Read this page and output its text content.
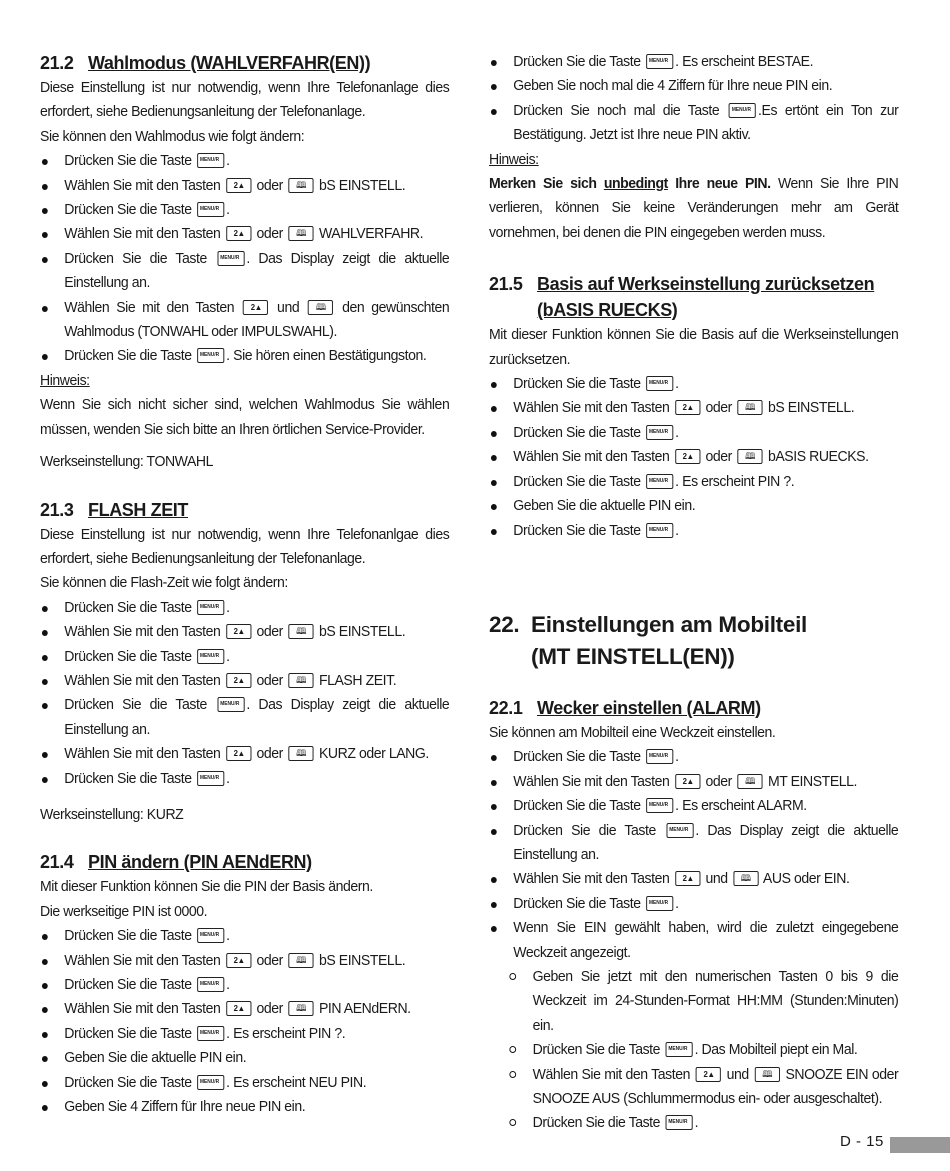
21.2 Wahlmodus (WAHLVERFAHR(EN))
Diese Einstellung ist nur notwendig, wenn Ihre Telefonanlage dies erfordert, siehe Bedienungsanleitung der Telefonanlage.
Sie können den Wahlmodus wie folgt ändern:
Drücken Sie die Taste MENU/R .
Wählen Sie mit den Tasten 2▲ oder 🕮 bS EINSTELL.
Drücken Sie die Taste MENU/R .
Wählen Sie mit den Tasten 2▲ oder 🕮 WAHLVERFAHR.
Drücken Sie die Taste MENU/R	. Das Display zeigt die aktuelle Einstellung an.
Wählen Sie mit den Tasten 2▲	und 🕮	den gewünschten Wahlmodus (TONWAHL oder IMPULSWAHL).
Drücken Sie die Taste MENU/R . Sie hören einen Bestätigungston.
Hinweis:
Wenn Sie sich nicht sicher sind, welchen Wahlmodus Sie wählen müssen, wenden Sie sich bitte an Ihren örtlichen Service-Provider.
Werkseinstellung: TONWAHL
21.3 FLASH ZEIT
Diese Einstellung ist nur notwendig, wenn Ihre Telefonanlgae dies erfordert, siehe Bedienungsanleitung der Telefonanlage.
Sie können die Flash-Zeit wie folgt ändern:
Drücken Sie die Taste MENU/R .
Wählen Sie mit den Tasten 2▲ oder 🕮 bS EINSTELL.
Drücken Sie die Taste MENU/R .
Wählen Sie mit den Tasten 2▲ oder 🕮 FLASH ZEIT.
Drücken Sie die Taste MENU/R	. Das Display zeigt die aktuelle Einstellung an.
Wählen Sie mit den Tasten 2▲ oder 🕮 KURZ oder LANG.
Drücken Sie die Taste MENU/R .
Werkseinstellung: KURZ
21.4 PIN ändern (PIN AENdERN)
Mit dieser Funktion können Sie die PIN der Basis ändern.
Die werkseitige PIN ist 0000.
Drücken Sie die Taste MENU/R .
Wählen Sie mit den Tasten 2▲ oder 🕮 bS EINSTELL.
Drücken Sie die Taste MENU/R .
Wählen Sie mit den Tasten 2▲ oder 🕮 PIN AENdERN.
Drücken Sie die Taste MENU/R . Es erscheint PIN ?.
Geben Sie die aktuelle PIN ein.
Drücken Sie die Taste MENU/R . Es erscheint NEU PIN.
Geben Sie 4 Ziffern für Ihre neue PIN ein.
Drücken Sie die Taste MENU/R . Es erscheint BESTAE.
Geben Sie noch mal die 4 Ziffern für Ihre neue PIN ein.
Drücken Sie noch mal die Taste MENU/R	.Es ertönt ein Ton zur Bestätigung. Jetzt ist Ihre neue PIN aktiv.
Hinweis:
Merken Sie sich unbedingt Ihre neue PIN. Wenn Sie Ihre PIN verlieren, können Sie keine Veränderungen mehr am Gerät vornehmen, bei denen die PIN eingegeben werden muss.
21.5 Basis auf Werkseinstellung zurücksetzen
(bASIS RUECKS)
Mit dieser Funktion können Sie die Basis auf die Werkseinstellungen zurücksetzen.
Drücken Sie die Taste MENU/R .
Wählen Sie mit den Tasten 2▲ oder 🕮 bS EINSTELL.
Drücken Sie die Taste MENU/R .
Wählen Sie mit den Tasten 2▲ oder 🕮 bASIS RUECKS.
Drücken Sie die Taste MENU/R . Es erscheint PIN ?.
Geben Sie die aktuelle PIN ein.
Drücken Sie die Taste MENU/R .
22. Einstellungen am Mobilteil
(MT EINSTELL(EN))
22.1 Wecker einstellen (ALARM)
Sie können am Mobilteil eine Weckzeit einstellen.
Drücken Sie die Taste MENU/R .
Wählen Sie mit den Tasten 2▲ oder 🕮 MT EINSTELL.
Drücken Sie die Taste MENU/R . Es erscheint ALARM.
Drücken Sie die Taste MENU/R	. Das Display zeigt die aktuelle Einstellung an.
Wählen Sie mit den Tasten 2▲ und 🕮 AUS oder EIN.
Drücken Sie die Taste MENU/R .
Wenn Sie EIN gewählt haben, wird die zuletzt eingegebene Weckzeit angezeigt.
Geben Sie jetzt mit den numerischen Tasten 0 bis 9 die Weckzeit im 24-Stunden-Format HH:MM (Stunden:Minuten) ein.
Drücken Sie die Taste MENU/R . Das Mobilteil piept ein Mal.
Wählen Sie mit den Tasten 2▲	und 🕮	SNOOZE EIN oder SNOOZE AUS (Schlummermodus ein- oder ausgeschaltet).
Drücken Sie die Taste MENU/R .
D - 15
